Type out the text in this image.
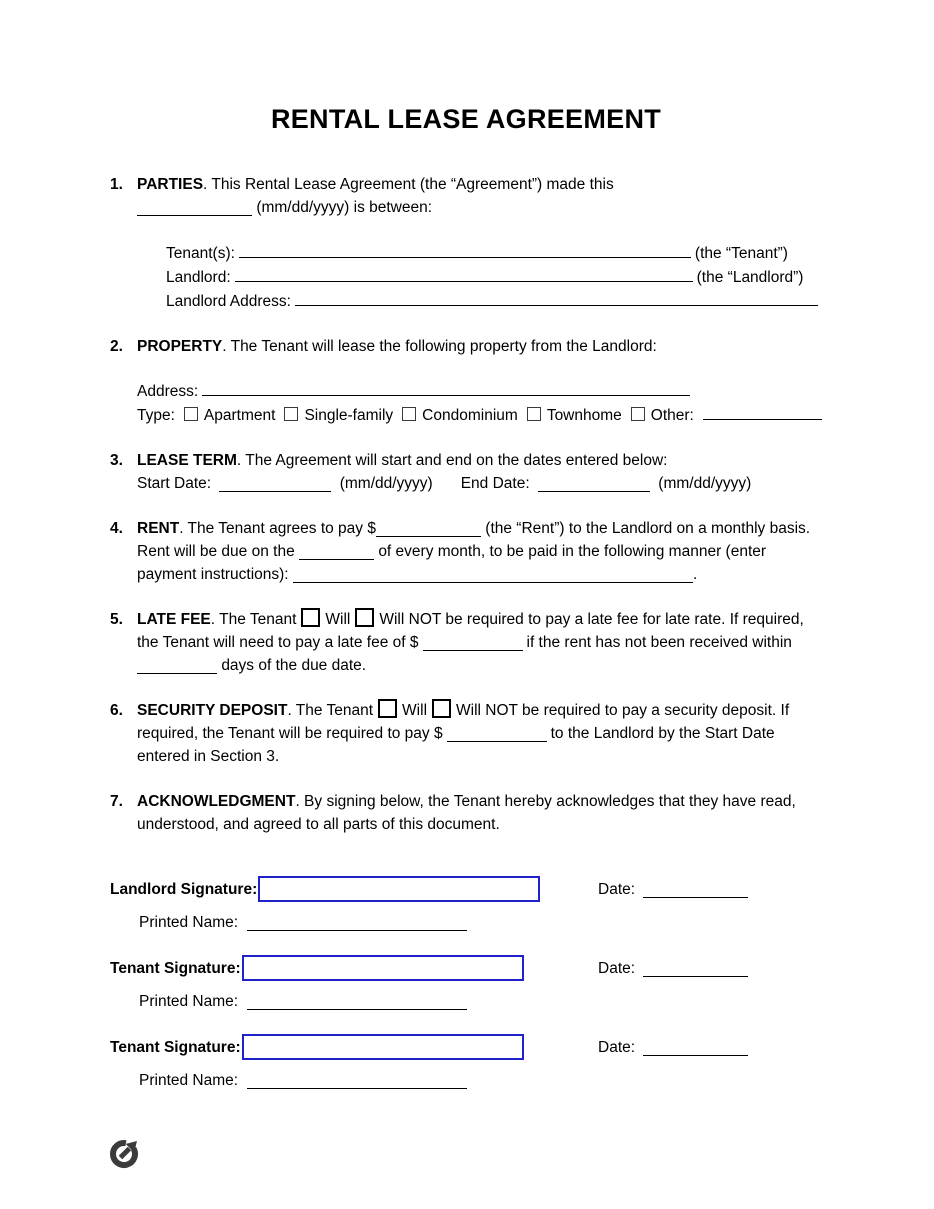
RENTAL LEASE AGREEMENT
1. PARTIES. This Rental Lease Agreement (the “Agreement”) made this
(mm/dd/yyyy) is between:

Tenant(s):	(the “Tenant”)
Landlord:	(the “Landlord”)
Landlord Address:
2. PROPERTY. The Tenant will lease the following property from the Landlord:

Address:
Type:	Apartment	Single-family	Condominium	Townhome	Other:
3. LEASE TERM. The Agreement will start and end on the dates entered below:

Start Date:	(mm/dd/yyyy) End Date:	(mm/dd/yyyy)
4. RENT. The Tenant agrees to pay $	(the “Rent”) to the Landlord on a monthly basis. Rent will be due on the	of every month, to be paid in the following manner (enter payment instructions):	.

5. LATE FEE. The Tenant Will Will NOT be required to pay a late fee for late rate. If required, the Tenant will need to pay a late fee of $	if the rent has not been received within  days of the due date.

6. SECURITY DEPOSIT. The Tenant Will Will NOT be required to pay a security deposit. If required, the Tenant will be required to pay $	to the Landlord by the Start Date entered in Section 3.

7. ACKNOWLEDGMENT. By signing below, the Tenant hereby acknowledges that they have read, understood, and agreed to all parts of this document.

Landlord Signature:	Date:
Printed Name:
Tenant Signature:	Date:
Printed Name:
Tenant Signature:	Date:
Printed Name:
